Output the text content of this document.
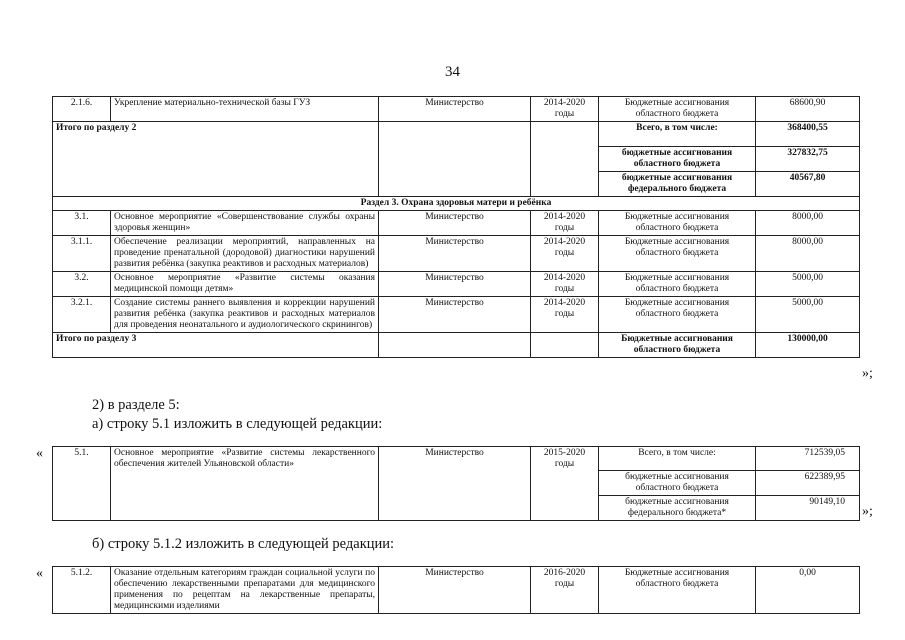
34
2.1.6.	Укрепление материально-технической базы ГУЗ	Министерство	2014-2020 годы	Бюджетные ассигнования областного бюджета	68600,90
Итого по разделу 2				Всего, в том числе:	368400,55
				бюджетные ассигнования областного бюджета	327832,75
				бюджетные ассигнования федерального бюджета	40567,80
Раздел 3. Охрана здоровья матери и ребёнка					
3.1.	Основное мероприятие «Совершенствование службы охраны здоровья женщин»	Министерство	2014-2020 годы	Бюджетные ассигнования областного бюджета	8000,00
3.1.1.	Обеспечение реализации мероприятий, направленных на проведение пренатальной (дородовой) диагностики нарушений развития ребёнка (закупка реактивов и расходных материалов)	Министерство	2014-2020 годы	Бюджетные ассигнования областного бюджета	8000,00
3.2.	Основное мероприятие «Развитие системы оказания медицинской помощи детям»	Министерство	2014-2020 годы	Бюджетные ассигнования областного бюджета	5000,00
3.2.1.	Создание системы раннего выявления и коррекции нарушений развития ребёнка (закупка реактивов и расходных материалов для проведения неонатального и аудиологического скринингов)	Министерство	2014-2020 годы	Бюджетные ассигнования областного бюджета	5000,00
Итого по разделу 3				Бюджетные ассигнования областного бюджета	130000,00
»;
2) в разделе 5:
а) строку 5.1 изложить в следующей редакции:
«	5.1.	Основное мероприятие «Развитие системы лекарственного обеспечения жителей Ульяновской области»	Министерство	2015-2020 годы	Всего, в том числе:	712539,05
				бюджетные ассигнования областного бюджета	622389,95
				бюджетные ассигнования федерального бюджета*	90149,10
»;
б) строку 5.1.2 изложить в следующей редакции:
«	5.1.2.	Оказание отдельным категориям граждан социальной услуги по обеспечению лекарственными препаратами для медицинского применения по рецептам на лекарственные препараты, медицинскими изделиями	Министерство	2016-2020 годы	Бюджетные ассигнования областного бюджета	0,00
